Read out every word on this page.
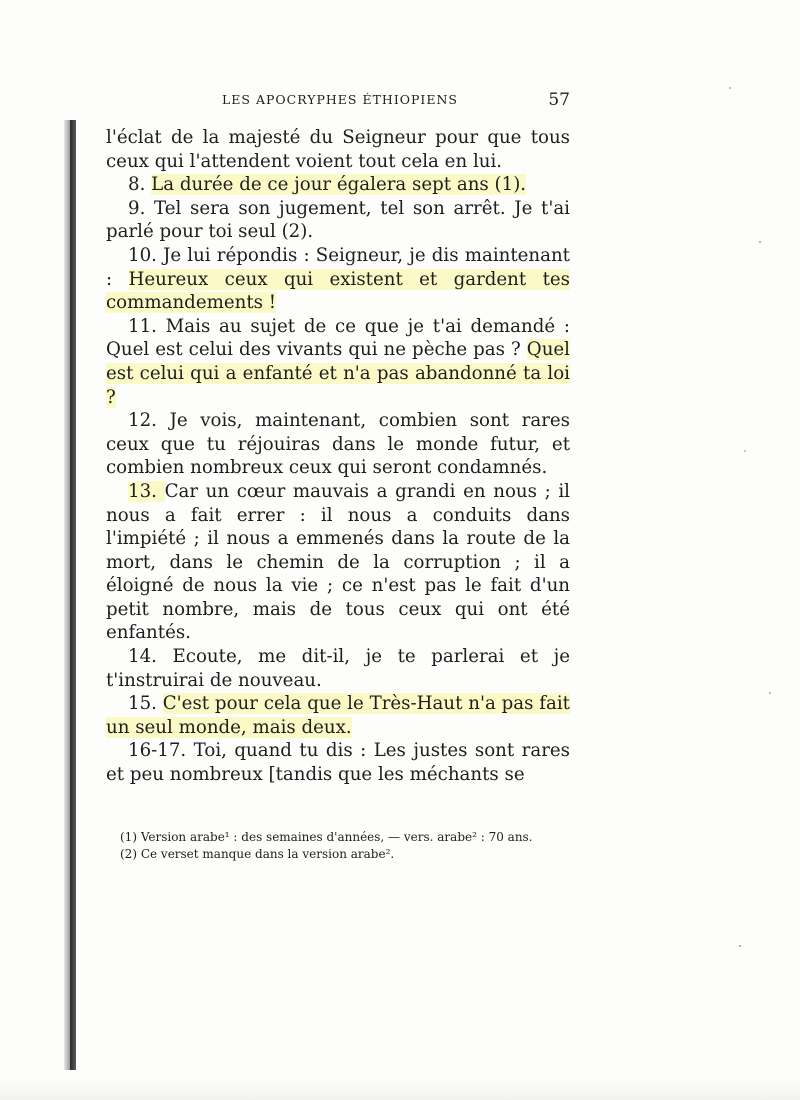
LES APOCRYPHES ÉTHIOPIENS	57

l'éclat de la majesté du Seigneur pour que tous ceux qui l'attendent voient tout cela en lui.

8. La durée de ce jour égalera sept ans (1).

9. Tel sera son jugement, tel son arrêt. Je t'ai parlé pour toi seul (2).

10. Je lui répondis : Seigneur, je dis maintenant : Heureux ceux qui existent et gardent tes commandements !

11. Mais au sujet de ce que je t'ai demandé : Quel est celui des vivants qui ne pèche pas ? Quel est celui qui a enfanté et n'a pas abandonné ta loi ?

12. Je vois, maintenant, combien sont rares ceux que tu réjouiras dans le monde futur, et combien nombreux ceux qui seront condamnés.

13. Car un cœur mauvais a grandi en nous ; il nous a fait errer : il nous a conduits dans l'impiété ; il nous a emmenés dans la route de la mort, dans le chemin de la corruption ; il a éloigné de nous la vie ; ce n'est pas le fait d'un petit nombre, mais de tous ceux qui ont été enfantés.

14. Ecoute, me dit-il, je te parlerai et je t'instruirai de nouveau.

15. C'est pour cela que le Très-Haut n'a pas fait un seul monde, mais deux.

16-17. Toi, quand tu dis : Les justes sont rares et peu nombreux [tandis que les méchants se

(1) Version arabe¹ : des semaines d'années, — vers. arabe² : 70 ans.

(2) Ce verset manque dans la version arabe².
